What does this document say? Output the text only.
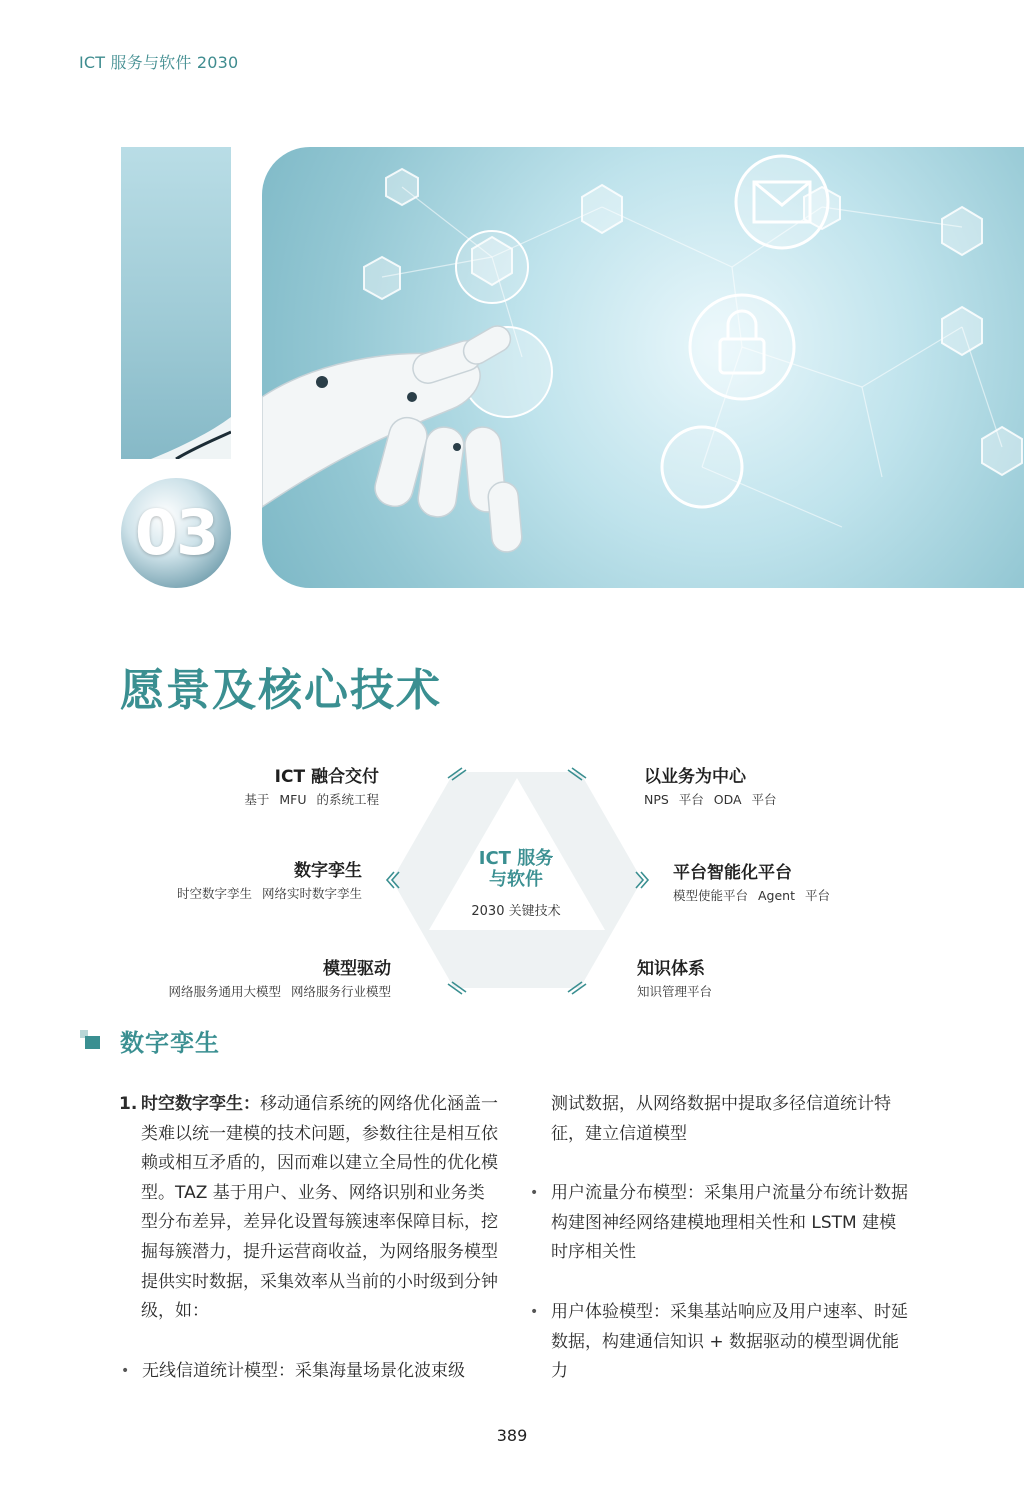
ICT 服务与软件 2030
03
愿景及核心技术
ICT 融合交付
基于 MFU 的系统工程
以业务为中心
NPS 平台 ODA 平台
数字孪生
时空数字孪生 网络实时数字孪生
平台智能化平台
模型使能平台 Agent 平台
模型驱动
网络服务通用大模型 网络服务行业模型
知识体系
知识管理平台
ICT 服务
与软件
2030 关键技术
数字孪生
1. 时空数字孪生：移动通信系统的网络优化涵盖一类难以统一建模的技术问题，参数往往是相互依赖或相互矛盾的，因而难以建立全局性的优化模型。TAZ 基于用户、业务、网络识别和业务类型分布差异，差异化设置每簇速率保障目标，挖掘每簇潜力，提升运营商收益，为网络服务模型提供实时数据，采集效率从当前的小时级到分钟级，如：
• 无线信道统计模型：采集海量场景化波束级
测试数据，从网络数据中提取多径信道统计特征，建立信道模型
• 用户流量分布模型：采集用户流量分布统计数据构建图神经网络建模地理相关性和 LSTM 建模时序相关性
• 用户体验模型：采集基站响应及用户速率、时延数据，构建通信知识 + 数据驱动的模型调优能力
389
